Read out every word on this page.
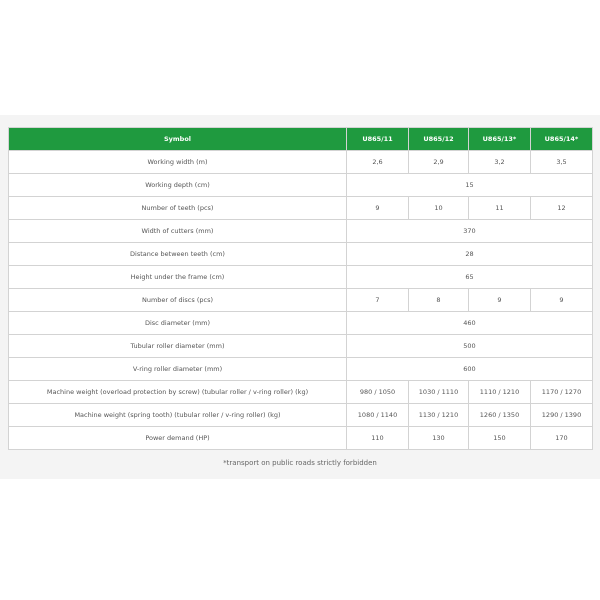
Symbol	U865/11	U865/12	U865/13*	U865/14*
Working width (m)	2,6	2,9	3,2	3,5
Working depth (cm)	15			
Number of teeth (pcs)	9	10	11	12
Width of cutters (mm)	370			
Distance between teeth (cm)	28			
Height under the frame (cm)	65			
Number of discs (pcs)	7	8	9	9
Disc diameter (mm)	460			
Tubular roller diameter (mm)	500			
V-ring roller diameter (mm)	600			
Machine weight (overload protection by screw) (tubular roller / v-ring roller) (kg)	980 / 1050	1030 / 1110	1110 / 1210	1170 / 1270
Machine weight (spring tooth) (tubular roller / v-ring roller) (kg)	1080 / 1140	1130 / 1210	1260 / 1350	1290 / 1390
Power demand (HP)	110	130	150	170
*transport on public roads strictly forbidden
